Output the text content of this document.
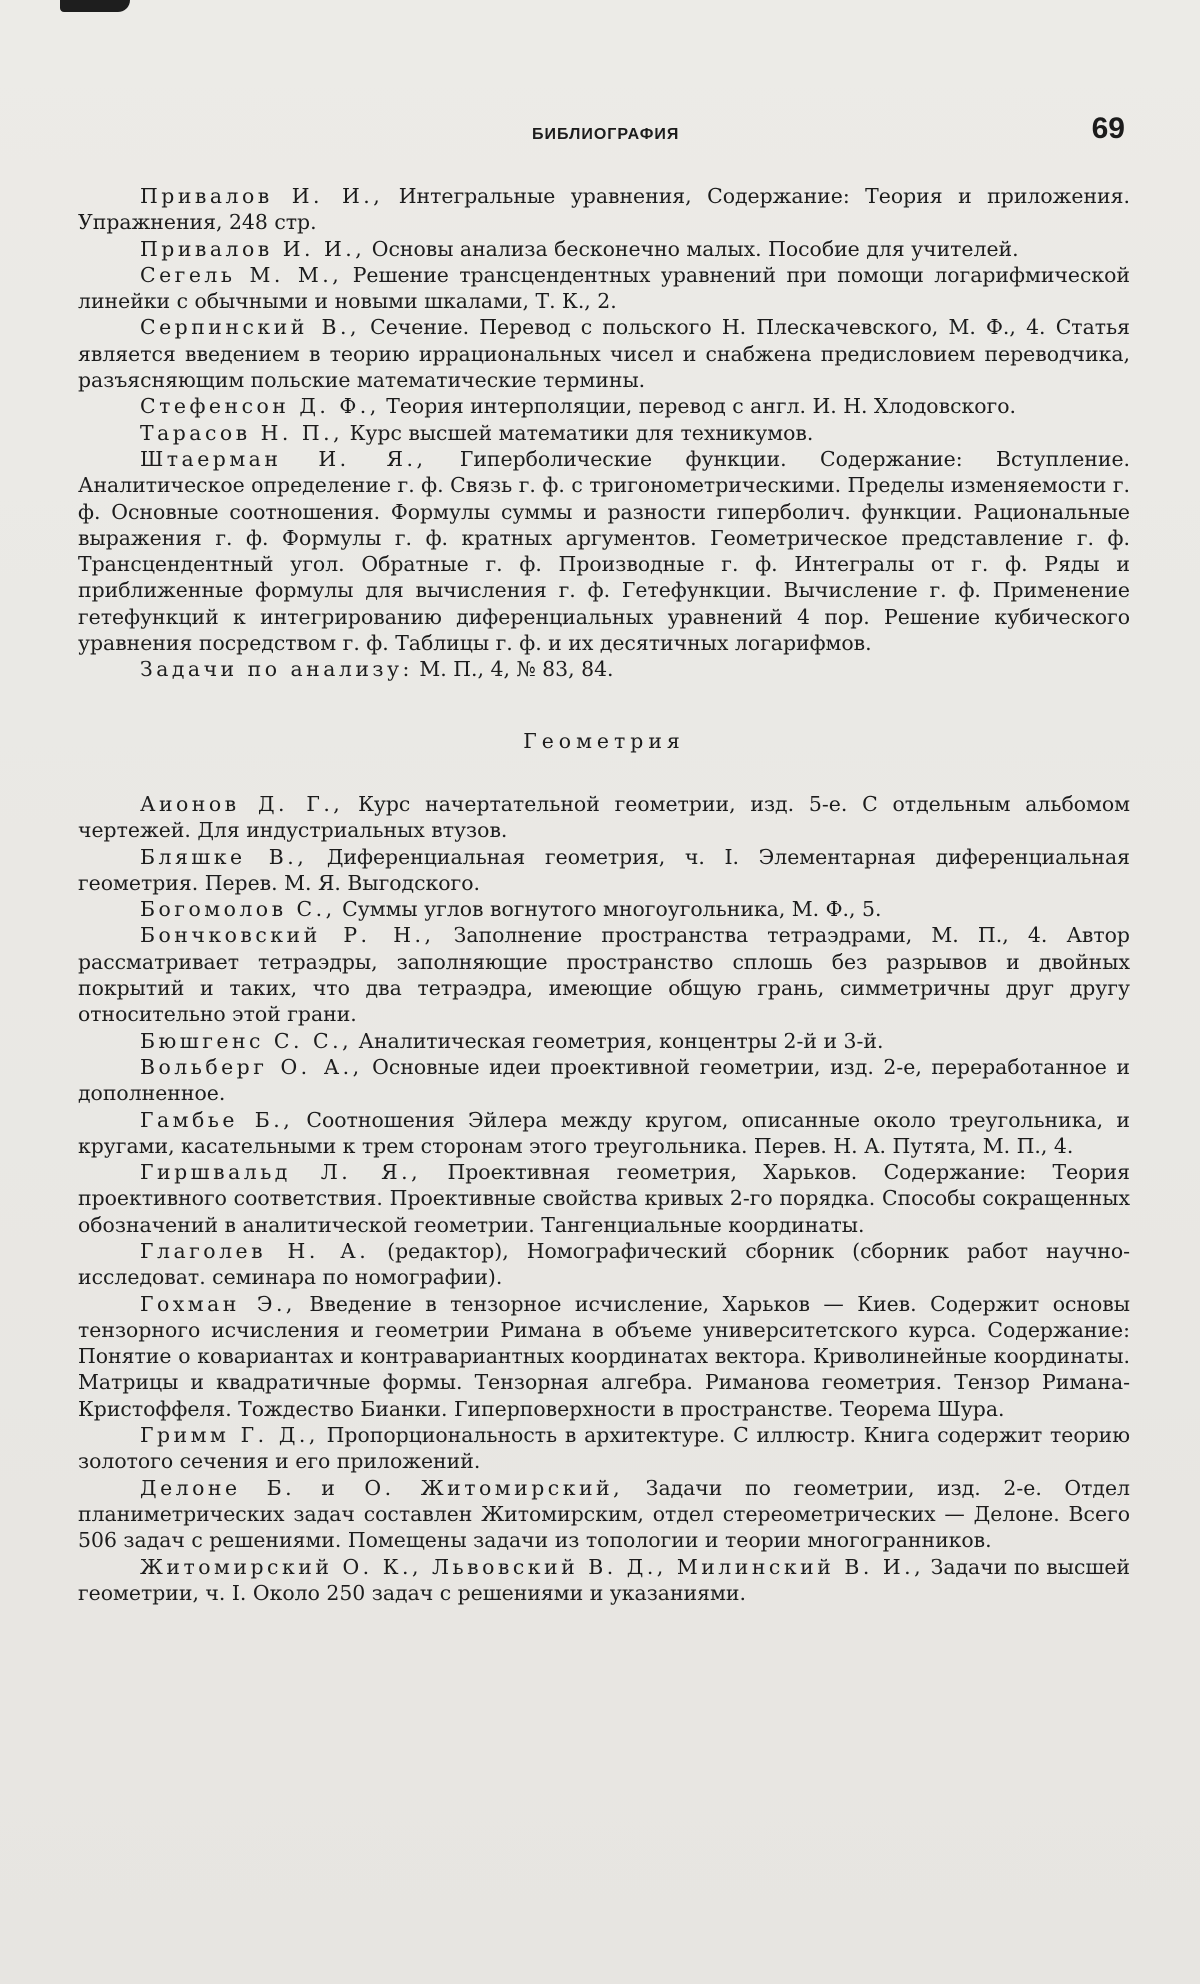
БИБЛИОГРАФИЯ	69

Привалов И. И., Интегральные уравнения, Содержание: Теория и приложения. Упражнения, 248 стр.

Привалов И. И., Основы анализа бесконечно малых. Пособие для учителей.

Сегель М. М., Решение трансцендентных уравнений при помощи логарифмической линейки с обычными и новыми шкалами, Т. К., 2.

Серпинский В., Сечение. Перевод с польского Н. Плескачевского, М. Ф., 4. Статья является введением в теорию иррациональных чисел и снабжена предисловием переводчика, разъясняющим польские математические термины.

Стефенсон Д. Ф., Теория интерполяции, перевод с англ. И. Н. Хлодовского.

Тарасов Н. П., Курс высшей математики для техникумов.

Штаерман И. Я., Гиперболические функции. Содержание: Вступление. Аналитическое определение г. ф. Связь г. ф. с тригонометрическими. Пределы изменяемости г. ф. Основные соотношения. Формулы суммы и разности гиперболич. функции. Рациональные выражения г. ф. Формулы г. ф. кратных аргументов. Геометрическое представление г. ф. Трансцендентный угол. Обратные г. ф. Производные г. ф. Интегралы от г. ф. Ряды и приближенные формулы для вычисления г. ф. Гетефункции. Вычисление г. ф. Применение гетефункций к интегрированию диференциальных уравнений 4 пор. Решение кубического уравнения посредством г. ф. Таблицы г. ф. и их десятичных логарифмов.

Задачи по анализу: М. П., 4, № 83, 84.

Геометрия

Аионов Д. Г., Курс начертательной геометрии, изд. 5-е. С отдельным альбомом чертежей. Для индустриальных втузов.

Бляшке В., Диференциальная геометрия, ч. I. Элементарная диференциальная геометрия. Перев. М. Я. Выгодского.

Богомолов С., Суммы углов вогнутого многоугольника, М. Ф., 5.

Бончковский Р. Н., Заполнение пространства тетраэдрами, М. П., 4. Автор рассматривает тетраэдры, заполняющие пространство сплошь без разрывов и двойных покрытий и таких, что два тетраэдра, имеющие общую грань, симметричны друг другу относительно этой грани.

Бюшгенс С. С., Аналитическая геометрия, концентры 2-й и 3-й.

Вольберг О. А., Основные идеи проективной геометрии, изд. 2-е, переработанное и дополненное.

Гамбье Б., Соотношения Эйлера между кругом, описанные около треугольника, и кругами, касательными к трем сторонам этого треугольника. Перев. Н. А. Путята, М. П., 4.

Гиршвальд Л. Я., Проективная геометрия, Харьков. Содержание: Теория проективного соответствия. Проективные свойства кривых 2-го порядка. Способы сокращенных обозначений в аналитической геометрии. Тангенциальные координаты.

Глаголев Н. А. (редактор), Номографический сборник (сборник работ научно-исследоват. семинара по номографии).

Гохман Э., Введение в тензорное исчисление, Харьков — Киев. Содержит основы тензорного исчисления и геометрии Римана в объеме университетского курса. Содержание: Понятие о ковариантах и контравариантных координатах вектора. Криволинейные координаты. Матрицы и квадратичные формы. Тензорная алгебра. Риманова геометрия. Тензор Римана-Кристоффеля. Тождество Бианки. Гиперповерхности в пространстве. Теорема Шура.

Гримм Г. Д., Пропорциональность в архитектуре. С иллюстр. Книга содержит теорию золотого сечения и его приложений.

Делоне Б. и О. Житомирский, Задачи по геометрии, изд. 2-е. Отдел планиметрических задач составлен Житомирским, отдел стереометрических — Делоне. Всего 506 задач с решениями. Помещены задачи из топологии и теории многогранников.

Житомирский О. К., Львовский В. Д., Милинский В. И., Задачи по высшей геометрии, ч. I. Около 250 задач с решениями и указаниями.
